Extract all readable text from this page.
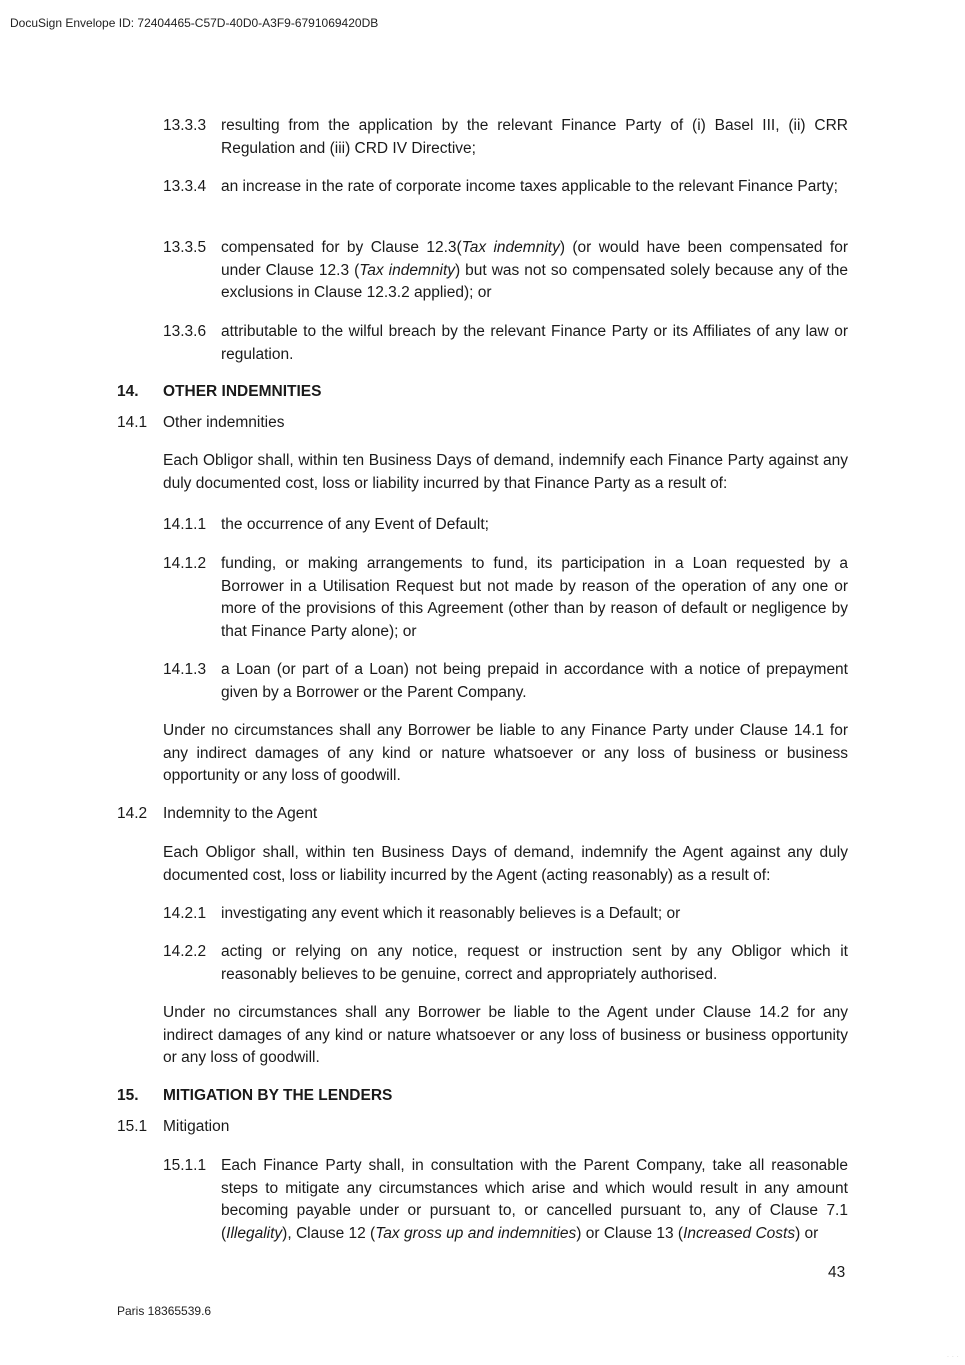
DocuSign Envelope ID: 72404465-C57D-40D0-A3F9-6791069420DB
13.3.3 resulting from the application by the relevant Finance Party of (i) Basel III, (ii) CRR Regulation and (iii) CRD IV Directive;
13.3.4 an increase in the rate of corporate income taxes applicable to the relevant Finance Party;
13.3.5 compensated for by Clause 12.3(Tax indemnity) (or would have been compensated for under Clause 12.3 (Tax indemnity) but was not so compensated solely because any of the exclusions in Clause 12.3.2 applied); or
13.3.6 attributable to the wilful breach by the relevant Finance Party or its Affiliates of any law or regulation.
14. OTHER INDEMNITIES
14.1 Other indemnities
Each Obligor shall, within ten Business Days of demand, indemnify each Finance Party against any duly documented cost, loss or liability incurred by that Finance Party as a result of:
14.1.1 the occurrence of any Event of Default;
14.1.2 funding, or making arrangements to fund, its participation in a Loan requested by a Borrower in a Utilisation Request but not made by reason of the operation of any one or more of the provisions of this Agreement (other than by reason of default or negligence by that Finance Party alone); or
14.1.3 a Loan (or part of a Loan) not being prepaid in accordance with a notice of prepayment given by a Borrower or the Parent Company.
Under no circumstances shall any Borrower be liable to any Finance Party under Clause 14.1 for any indirect damages of any kind or nature whatsoever or any loss of business or business opportunity or any loss of goodwill.
14.2 Indemnity to the Agent
Each Obligor shall, within ten Business Days of demand, indemnify the Agent against any duly documented cost, loss or liability incurred by the Agent (acting reasonably) as a result of:
14.2.1 investigating any event which it reasonably believes is a Default; or
14.2.2 acting or relying on any notice, request or instruction sent by any Obligor which it reasonably believes to be genuine, correct and appropriately authorised.
Under no circumstances shall any Borrower be liable to the Agent under Clause 14.2 for any indirect damages of any kind or nature whatsoever or any loss of business or business opportunity or any loss of goodwill.
15. MITIGATION BY THE LENDERS
15.1 Mitigation
15.1.1 Each Finance Party shall, in consultation with the Parent Company, take all reasonable steps to mitigate any circumstances which arise and which would result in any amount becoming payable under or pursuant to, or cancelled pursuant to, any of Clause 7.1 (Illegality), Clause 12 (Tax gross up and indemnities) or Clause 13 (Increased Costs) or
43
Paris 18365539.6
· · ·
